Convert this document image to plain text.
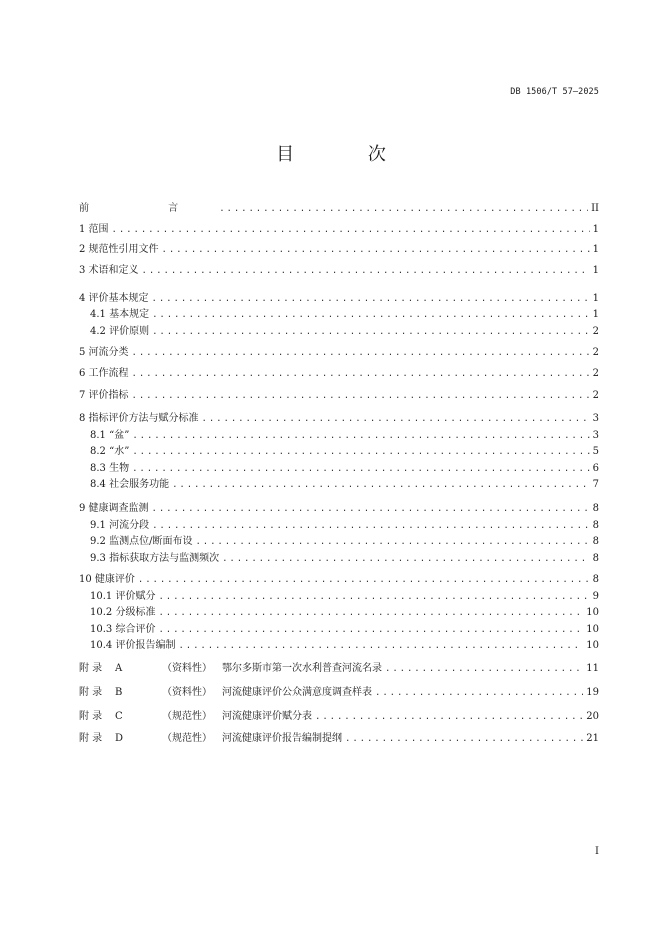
DB 1506/T 57—2025
目 次
前 言 .....	II
1 范围 .....	1
2 规范性引用文件 .....	1
3 术语和定义 .....	1
4 评价基本规定 .....	1
4.1 基本规定 .....	1
4.2 评价原则 .....	2
5 河流分类 .....	2
6 工作流程 .....	2
7 评价指标 .....	2
8 指标评价方法与赋分标准 .....	3
8.1 “盆” .....	3
8.2 “水” .....	5
8.3 生物 .....	6
8.4 社会服务功能 .....	7
9 健康调查监测 .....	8
9.1 河流分段 .....	8
9.2 监测点位/断面布设 .....	8
9.3 指标获取方法与监测频次 .....	8
10 健康评价 .....	8
10.1 评价赋分 .....	9
10.2 分级标准 .....	10
10.3 综合评价 .....	10
10.4 评价报告编制 .....	10
附 录 A	（资料性） 鄂尔多斯市第一次水利普查河流名录 .....	11
附 录 B	（资料性） 河流健康评价公众满意度调查样表 .....	19
附 录 C	（规范性） 河流健康评价赋分表 .....	20
附 录 D	（规范性） 河流健康评价报告编制提纲 .....	21
I
